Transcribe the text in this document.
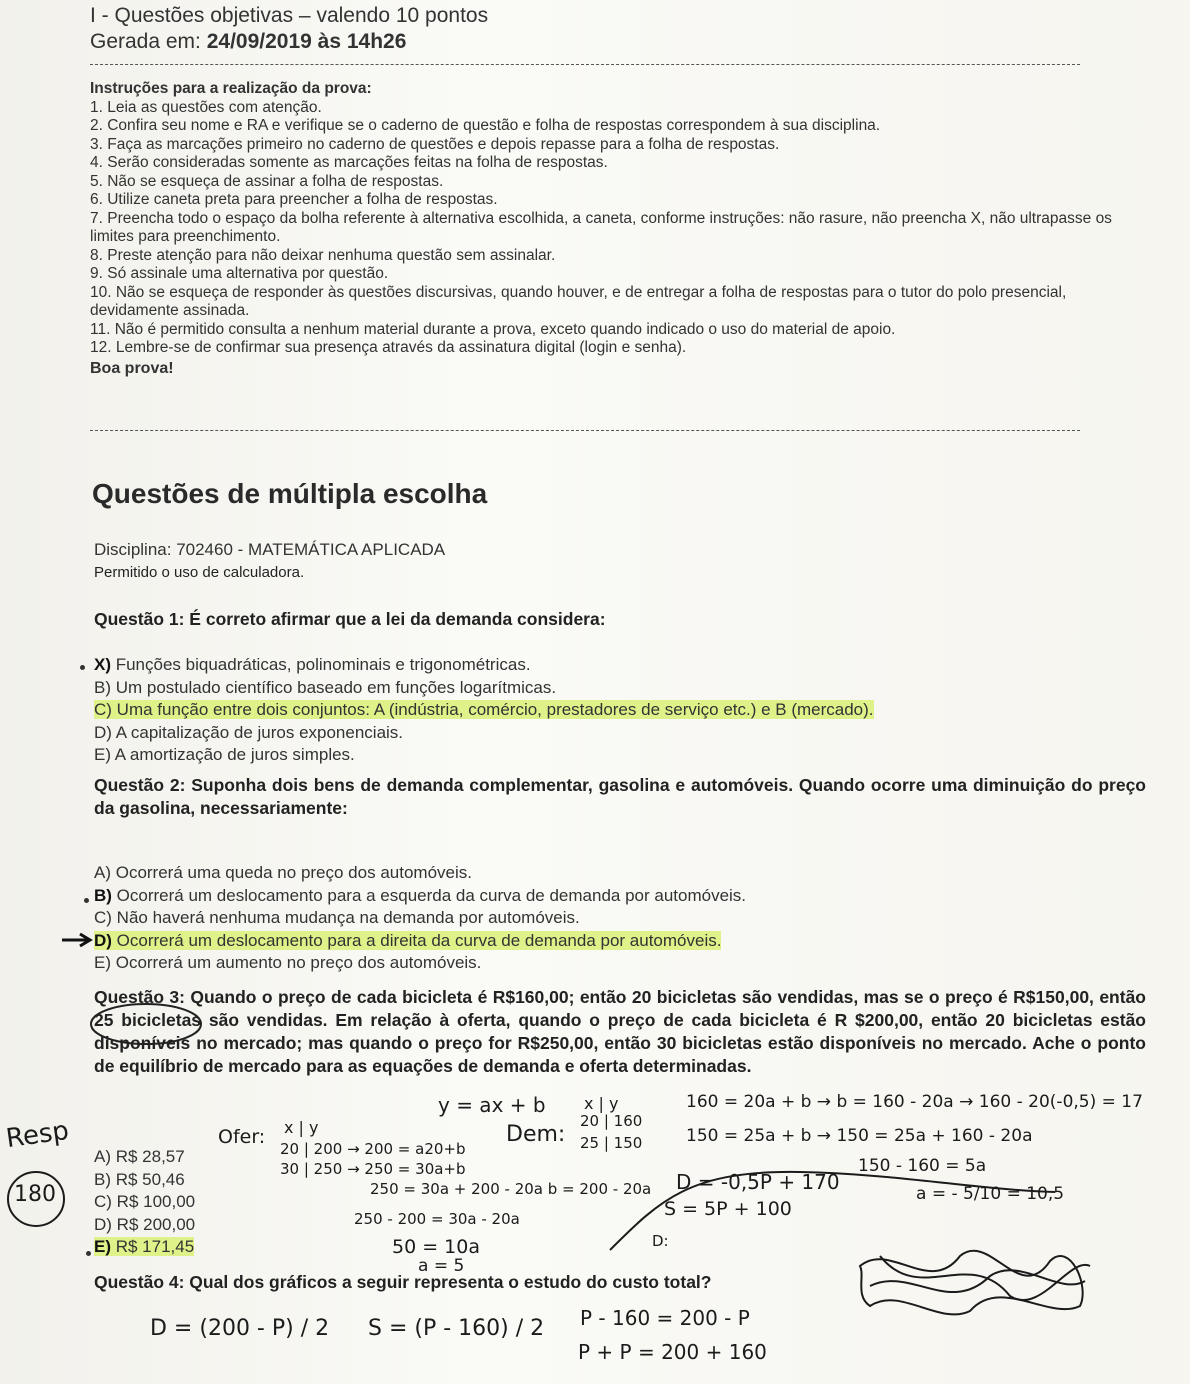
I - Questões objetivas – valendo 10 pontos
Gerada em: 24/09/2019 às 14h26
Instruções para a realização da prova:
1. Leia as questões com atenção.
2. Confira seu nome e RA e verifique se o caderno de questão e folha de respostas correspondem à sua disciplina.
3. Faça as marcações primeiro no caderno de questões e depois repasse para a folha de respostas.
4. Serão consideradas somente as marcações feitas na folha de respostas.
5. Não se esqueça de assinar a folha de respostas.
6. Utilize caneta preta para preencher a folha de respostas.
7. Preencha todo o espaço da bolha referente à alternativa escolhida, a caneta, conforme instruções: não rasure, não preencha X, não ultrapasse os limites para preenchimento.
8. Preste atenção para não deixar nenhuma questão sem assinalar.
9. Só assinale uma alternativa por questão.
10. Não se esqueça de responder às questões discursivas, quando houver, e de entregar a folha de respostas para o tutor do polo presencial, devidamente assinada.
11. Não é permitido consulta a nenhum material durante a prova, exceto quando indicado o uso do material de apoio.
12. Lembre-se de confirmar sua presença através da assinatura digital (login e senha).
Boa prova!
Questões de múltipla escolha
Disciplina: 702460 - MATEMÁTICA APLICADA
Permitido o uso de calculadora.
Questão 1: É correto afirmar que a lei da demanda considera:
X) Funções biquadráticas, polinominais e trigonométricas.
B) Um postulado científico baseado em funções logarítmicas.
C) Uma função entre dois conjuntos: A (indústria, comércio, prestadores de serviço etc.) e B (mercado).
D) A capitalização de juros exponenciais.
E) A amortização de juros simples.
Questão 2: Suponha dois bens de demanda complementar, gasolina e automóveis. Quando ocorre uma diminuição do preço da gasolina, necessariamente:
A) Ocorrerá uma queda no preço dos automóveis.
B) Ocorrerá um deslocamento para a esquerda da curva de demanda por automóveis.
C) Não haverá nenhuma mudança na demanda por automóveis.
D) Ocorrerá um deslocamento para a direita da curva de demanda por automóveis.
E) Ocorrerá um aumento no preço dos automóveis.
Questão 3: Quando o preço de cada bicicleta é R$160,00; então 20 bicicletas são vendidas, mas se o preço é R$150,00, então 25 bicicletas são vendidas. Em relação à oferta, quando o preço de cada bicicleta é R $200,00, então 20 bicicletas estão disponíveis no mercado; mas quando o preço for R$250,00, então 30 bicicletas estão disponíveis no mercado. Ache o ponto de equilíbrio de mercado para as equações de demanda e oferta determinadas.
A) R$ 28,57
B) R$ 50,46
C) R$ 100,00
D) R$ 200,00
E) R$ 171,45
Questão 4: Qual dos gráficos a seguir representa o estudo do custo total?
Resp
180
y = ax + b
Ofer:	Dem:
x | y
20 | 200 → 200 = a20+b
30 | 250 → 250 = 30a+b
x | y
20 | 160
25 | 150
160 = 20a + b → b = 160 - 20a → 160 - 20(-0,5) = 17
150 = 25a + b → 150 = 25a + 160 - 20a
150 - 160 = 5a
a = - 5/10 = 10,5
250 = 30a + 200 - 20a b = 200 - 20a
250 - 200 = 30a - 20a
50 = 10a
a = 5
D = -0,5P + 170
S = 5P + 100
D:
D = (200 - P) / 2 S = (P - 160) / 2 P - 160 = 200 - P
P + P = 200 + 160
